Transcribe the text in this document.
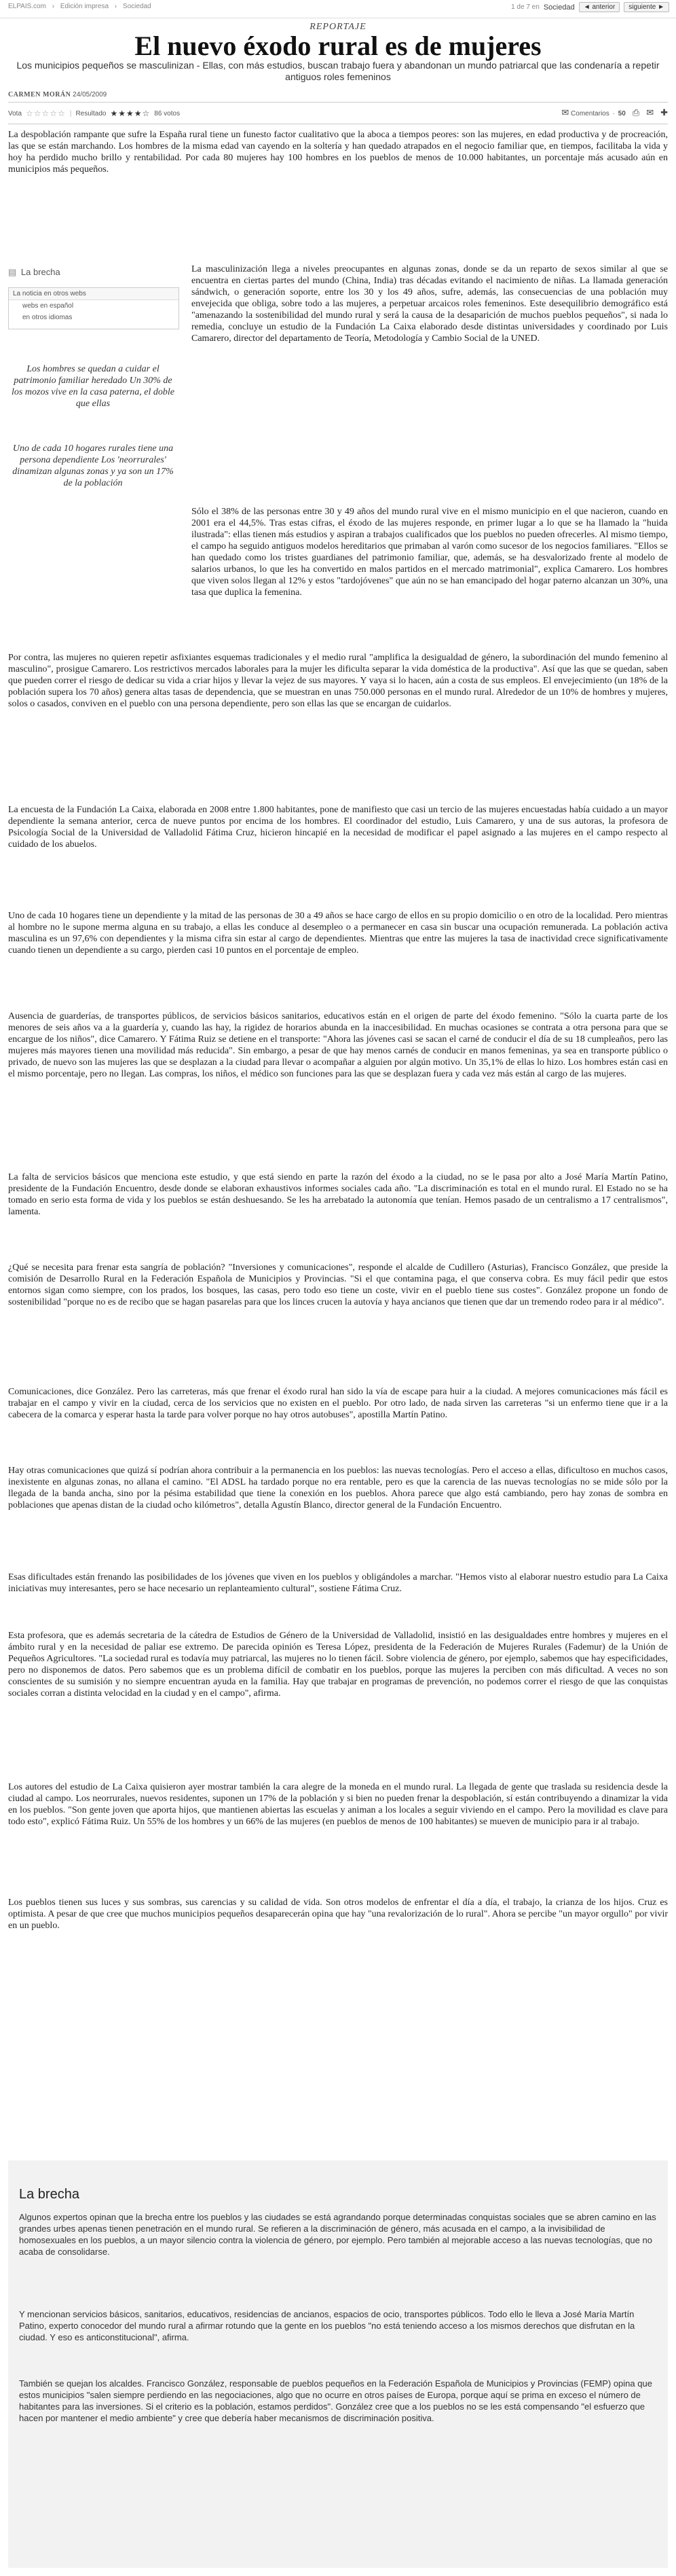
ELPAIS.com › Edición impresa › Sociedad	1 de 7 en Sociedad	◄ anterior	siguiente ►
REPORTAJE
El nuevo éxodo rural es de mujeres

Los municipios pequeños se masculinizan - Ellas, con más estudios, buscan trabajo fuera y abandonan un mundo patriarcal que las condenaría a repetir antiguos roles femeninos

CARMEN MORÁN 24/05/2009
Vota ☆☆☆☆☆ | Resultado ★★★★☆ 86 votos	✉ Comentarios · 50 ⎙ ✉ ✚
▤ La brecha
La noticia en otros webs
webs en español
en otros idiomas

Los hombres se quedan a cuidar el patrimonio familiar heredado Un 30% de los mozos vive en la casa paterna, el doble que ellas

Uno de cada 10 hogares rurales tiene una persona dependiente Los 'neorrurales' dinamizan algunas zonas y ya son un 17% de la población

La despoblación rampante que sufre la España rural tiene un funesto factor cualitativo que la aboca a tiempos peores: son las mujeres, en edad productiva y de procreación, las que se están marchando. Los hombres de la misma edad van cayendo en la soltería y han quedado atrapados en el negocio familiar que, en tiempos, facilitaba la vida y hoy ha perdido mucho brillo y rentabilidad. Por cada 80 mujeres hay 100 hombres en los pueblos de menos de 10.000 habitantes, un porcentaje más acusado aún en municipios más pequeños.

La masculinización llega a niveles preocupantes en algunas zonas, donde se da un reparto de sexos similar al que se encuentra en ciertas partes del mundo (China, India) tras décadas evitando el nacimiento de niñas. La llamada generación sándwich, o generación soporte, entre los 30 y los 49 años, sufre, además, las consecuencias de una población muy envejecida que obliga, sobre todo a las mujeres, a perpetuar arcaicos roles femeninos. Este desequilibrio demográfico está "amenazando la sostenibilidad del mundo rural y será la causa de la desaparición de muchos pueblos pequeños", si nada lo remedia, concluye un estudio de la Fundación La Caixa elaborado desde distintas universidades y coordinado por Luis Camarero, director del departamento de Teoría, Metodología y Cambio Social de la UNED.

Sólo el 38% de las personas entre 30 y 49 años del mundo rural vive en el mismo municipio en el que nacieron, cuando en 2001 era el 44,5%. Tras estas cifras, el éxodo de las mujeres responde, en primer lugar a lo que se ha llamado la "huida ilustrada": ellas tienen más estudios y aspiran a trabajos cualificados que los pueblos no pueden ofrecerles. Al mismo tiempo, el campo ha seguido antiguos modelos hereditarios que primaban al varón como sucesor de los negocios familiares. "Ellos se han quedado como los tristes guardianes del patrimonio familiar, que, además, se ha desvalorizado frente al modelo de salarios urbanos, lo que les ha convertido en malos partidos en el mercado matrimonial", explica Camarero. Los hombres que viven solos llegan al 12% y estos "tardojóvenes" que aún no se han emancipado del hogar paterno alcanzan un 30%, una tasa que duplica la femenina.

Por contra, las mujeres no quieren repetir asfixiantes esquemas tradicionales y el medio rural "amplifica la desigualdad de género, la subordinación del mundo femenino al masculino", prosigue Camarero. Los restrictivos mercados laborales para la mujer les dificulta separar la vida doméstica de la productiva". Así que las que se quedan, saben que pueden correr el riesgo de dedicar su vida a criar hijos y llevar la vejez de sus mayores. Y vaya si lo hacen, aún a costa de sus empleos. El envejecimiento (un 18% de la población supera los 70 años) genera altas tasas de dependencia, que se muestran en unas 750.000 personas en el mundo rural. Alrededor de un 10% de hombres y mujeres, solos o casados, conviven en el pueblo con una persona dependiente, pero son ellas las que se encargan de cuidarlos.

La encuesta de la Fundación La Caixa, elaborada en 2008 entre 1.800 habitantes, pone de manifiesto que casi un tercio de las mujeres encuestadas había cuidado a un mayor dependiente la semana anterior, cerca de nueve puntos por encima de los hombres. El coordinador del estudio, Luis Camarero, y una de sus autoras, la profesora de Psicología Social de la Universidad de Valladolid Fátima Cruz, hicieron hincapié en la necesidad de modificar el papel asignado a las mujeres en el campo respecto al cuidado de los abuelos.

Uno de cada 10 hogares tiene un dependiente y la mitad de las personas de 30 a 49 años se hace cargo de ellos en su propio domicilio o en otro de la localidad. Pero mientras al hombre no le supone merma alguna en su trabajo, a ellas les conduce al desempleo o a permanecer en casa sin buscar una ocupación remunerada. La población activa masculina es un 97,6% con dependientes y la misma cifra sin estar al cargo de dependientes. Mientras que entre las mujeres la tasa de inactividad crece significativamente cuando tienen un dependiente a su cargo, pierden casi 10 puntos en el porcentaje de empleo.

Ausencia de guarderías, de transportes públicos, de servicios básicos sanitarios, educativos están en el origen de parte del éxodo femenino. "Sólo la cuarta parte de los menores de seis años va a la guardería y, cuando las hay, la rigidez de horarios abunda en la inaccesibilidad. En muchas ocasiones se contrata a otra persona para que se encargue de los niños", dice Camarero. Y Fátima Ruiz se detiene en el transporte: "Ahora las jóvenes casi se sacan el carné de conducir el día de su 18 cumpleaños, pero las mujeres más mayores tienen una movilidad más reducida". Sin embargo, a pesar de que hay menos carnés de conducir en manos femeninas, ya sea en transporte público o privado, de nuevo son las mujeres las que se desplazan a la ciudad para llevar o acompañar a alguien por algún motivo. Un 35,1% de ellas lo hizo. Los hombres están casi en el mismo porcentaje, pero no llegan. Las compras, los niños, el médico son funciones para las que se desplazan fuera y cada vez más están al cargo de las mujeres.

La falta de servicios básicos que menciona este estudio, y que está siendo en parte la razón del éxodo a la ciudad, no se le pasa por alto a José María Martín Patino, presidente de la Fundación Encuentro, desde donde se elaboran exhaustivos informes sociales cada año. "La discriminación es total en el mundo rural. El Estado no se ha tomado en serio esta forma de vida y los pueblos se están deshuesando. Se les ha arrebatado la autonomía que tenían. Hemos pasado de un centralismo a 17 centralismos", lamenta.

¿Qué se necesita para frenar esta sangría de población? "Inversiones y comunicaciones", responde el alcalde de Cudillero (Asturias), Francisco González, que preside la comisión de Desarrollo Rural en la Federación Española de Municipios y Provincias. "Si el que contamina paga, el que conserva cobra. Es muy fácil pedir que estos entornos sigan como siempre, con los prados, los bosques, las casas, pero todo eso tiene un coste, vivir en el pueblo tiene sus costes". González propone un fondo de sostenibilidad "porque no es de recibo que se hagan pasarelas para que los linces crucen la autovía y haya ancianos que tienen que dar un tremendo rodeo para ir al médico".

Comunicaciones, dice González. Pero las carreteras, más que frenar el éxodo rural han sido la vía de escape para huir a la ciudad. A mejores comunicaciones más fácil es trabajar en el campo y vivir en la ciudad, cerca de los servicios que no existen en el pueblo. Por otro lado, de nada sirven las carreteras "si un enfermo tiene que ir a la cabecera de la comarca y esperar hasta la tarde para volver porque no hay otros autobuses", apostilla Martín Patino.

Hay otras comunicaciones que quizá sí podrían ahora contribuir a la permanencia en los pueblos: las nuevas tecnologías. Pero el acceso a ellas, dificultoso en muchos casos, inexistente en algunas zonas, no allana el camino. "El ADSL ha tardado porque no era rentable, pero es que la carencia de las nuevas tecnologías no se mide sólo por la llegada de la banda ancha, sino por la pésima estabilidad que tiene la conexión en los pueblos. Ahora parece que algo está cambiando, pero hay zonas de sombra en poblaciones que apenas distan de la ciudad ocho kilómetros", detalla Agustín Blanco, director general de la Fundación Encuentro.

Esas dificultades están frenando las posibilidades de los jóvenes que viven en los pueblos y obligándoles a marchar. "Hemos visto al elaborar nuestro estudio para La Caixa iniciativas muy interesantes, pero se hace necesario un replanteamiento cultural", sostiene Fátima Cruz.

Esta profesora, que es además secretaria de la cátedra de Estudios de Género de la Universidad de Valladolid, insistió en las desigualdades entre hombres y mujeres en el ámbito rural y en la necesidad de paliar ese extremo. De parecida opinión es Teresa López, presidenta de la Federación de Mujeres Rurales (Fademur) de la Unión de Pequeños Agricultores. "La sociedad rural es todavía muy patriarcal, las mujeres no lo tienen fácil. Sobre violencia de género, por ejemplo, sabemos que hay especificidades, pero no disponemos de datos. Pero sabemos que es un problema difícil de combatir en los pueblos, porque las mujeres la perciben con más dificultad. A veces no son conscientes de su sumisión y no siempre encuentran ayuda en la familia. Hay que trabajar en programas de prevención, no podemos correr el riesgo de que las conquistas sociales corran a distinta velocidad en la ciudad y en el campo", afirma.

Los autores del estudio de La Caixa quisieron ayer mostrar también la cara alegre de la moneda en el mundo rural. La llegada de gente que traslada su residencia desde la ciudad al campo. Los neorrurales, nuevos residentes, suponen un 17% de la población y si bien no pueden frenar la despoblación, sí están contribuyendo a dinamizar la vida en los pueblos. "Son gente joven que aporta hijos, que mantienen abiertas las escuelas y animan a los locales a seguir viviendo en el campo. Pero la movilidad es clave para todo esto", explicó Fátima Ruiz. Un 55% de los hombres y un 66% de las mujeres (en pueblos de menos de 100 habitantes) se mueven de municipio para ir al trabajo.

Los pueblos tienen sus luces y sus sombras, sus carencias y su calidad de vida. Son otros modelos de enfrentar el día a día, el trabajo, la crianza de los hijos. Cruz es optimista. A pesar de que cree que muchos municipios pequeños desaparecerán opina que hay "una revalorización de lo rural". Ahora se percibe "un mayor orgullo" por vivir en un pueblo.

La brecha

Algunos expertos opinan que la brecha entre los pueblos y las ciudades se está agrandando porque determinadas conquistas sociales que se abren camino en las grandes urbes apenas tienen penetración en el mundo rural. Se refieren a la discriminación de género, más acusada en el campo, a la invisibilidad de homosexuales en los pueblos, a un mayor silencio contra la violencia de género, por ejemplo. Pero también al mejorable acceso a las nuevas tecnologías, que no acaba de consolidarse.

Y mencionan servicios básicos, sanitarios, educativos, residencias de ancianos, espacios de ocio, transportes públicos. Todo ello le lleva a José María Martín Patino, experto conocedor del mundo rural a afirmar rotundo que la gente en los pueblos "no está teniendo acceso a los mismos derechos que disfrutan en la ciudad. Y eso es anticonstitucional", afirma.

También se quejan los alcaldes. Francisco González, responsable de pueblos pequeños en la Federación Española de Municipios y Provincias (FEMP) opina que estos municipios "salen siempre perdiendo en las negociaciones, algo que no ocurre en otros países de Europa, porque aquí se prima en exceso el número de habitantes para las inversiones. Si el criterio es la población, estamos perdidos". González cree que a los pueblos no se les está compensando "el esfuerzo que hacen por mantener el medio ambiente" y cree que debería haber mecanismos de discriminación positiva.
